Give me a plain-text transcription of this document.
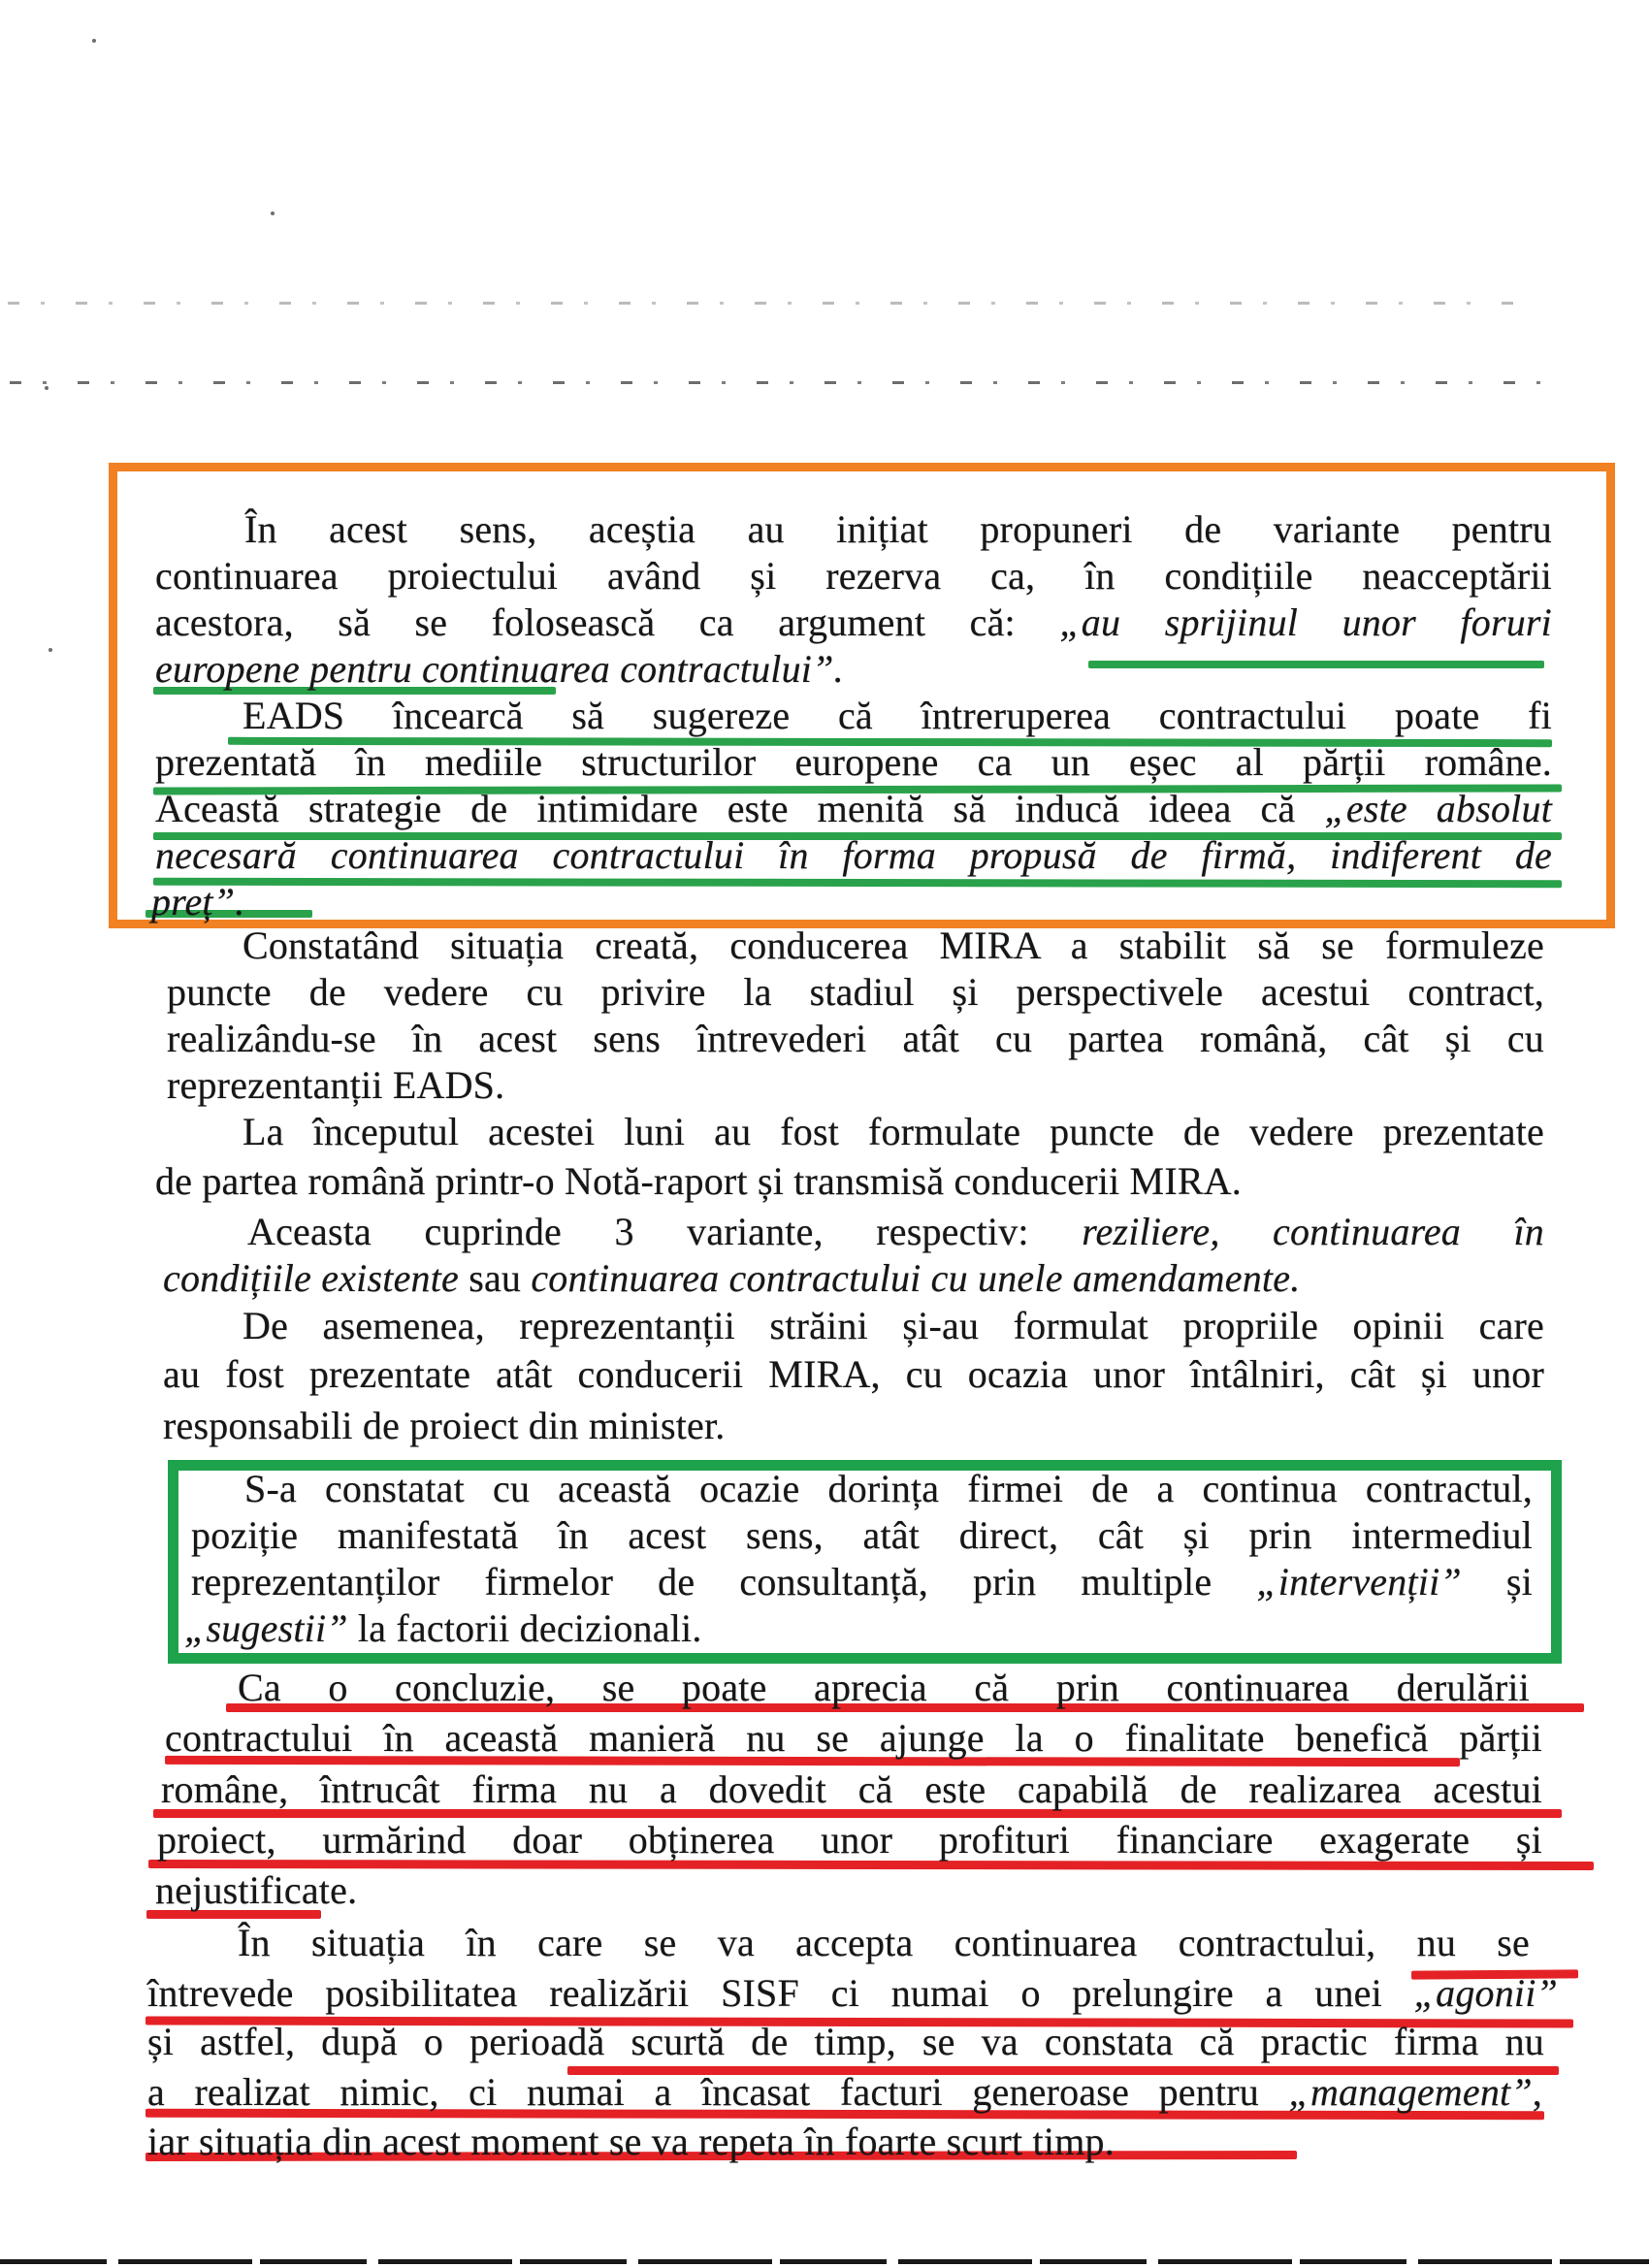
În acest sens, aceștia au inițiat propuneri de variante pentru
continuarea proiectului având și rezerva ca, în condițiile neacceptării
acestora, să se folosească ca argument că: „au sprijinul unor foruri
europene pentru continuarea contractului”.
EADS încearcă să sugereze că întreruperea contractului poate fi
prezentată în mediile structurilor europene ca un eșec al părții române.
Această strategie de intimidare este menită să inducă ideea că „este absolut
necesară continuarea contractului în forma propusă de firmă, indiferent de
preț”.
Constatând situația creată, conducerea MIRA a stabilit să se formuleze
puncte de vedere cu privire la stadiul și perspectivele acestui contract,
realizându-se în acest sens întrevederi atât cu partea română, cât și cu
reprezentanții EADS.
La începutul acestei luni au fost formulate puncte de vedere prezentate
de partea română printr-o Notă-raport și transmisă conducerii MIRA.
Aceasta cuprinde 3 variante, respectiv: reziliere, continuarea în
condițiile existente sau continuarea contractului cu unele amendamente.
De asemenea, reprezentanții străini și-au formulat propriile opinii care
au fost prezentate atât conducerii MIRA, cu ocazia unor întâlniri, cât și unor
responsabili de proiect din minister.
S-a constatat cu această ocazie dorința firmei de a continua contractul,
poziție manifestată în acest sens, atât direct, cât și prin intermediul
reprezentanților firmelor de consultanță, prin multiple „intervenții” și
„sugestii” la factorii decizionali.
Ca o concluzie, se poate aprecia că prin continuarea derulării
contractului în această manieră nu se ajunge la o finalitate benefică părții
române, întrucât firma nu a dovedit că este capabilă de realizarea acestui
proiect, urmărind doar obținerea unor profituri financiare exagerate și
nejustificate.
În situația în care se va accepta continuarea contractului, nu se
întrevede posibilitatea realizării SISF ci numai o prelungire a unei „agonii”
și astfel, după o perioadă scurtă de timp, se va constata că practic firma nu
a realizat nimic, ci numai a încasat facturi generoase pentru „management”,
iar situația din acest moment se va repeta în foarte scurt timp.
